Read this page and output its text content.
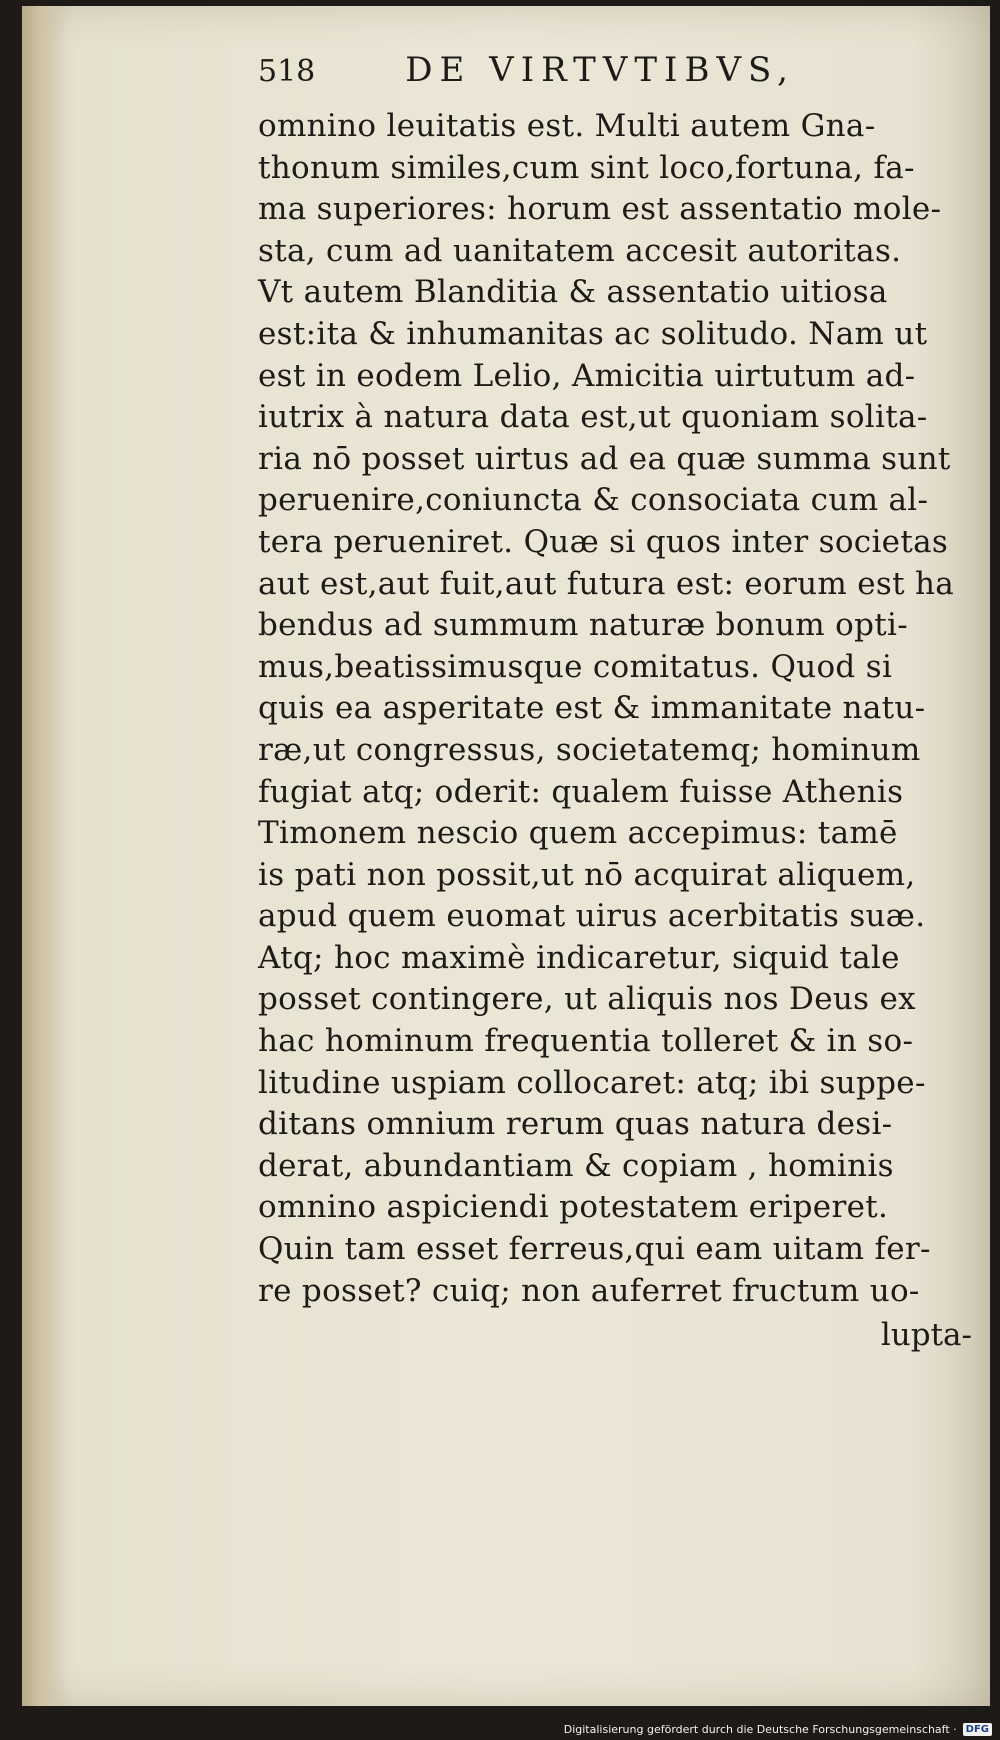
518	DE VIRTVTIBVS,
omnino leuitatis est. Multi autem Gna-
thonum similes,cum sint loco,fortuna, fa-
ma superiores: horum est assentatio mole-
sta, cum ad uanitatem accesit autoritas.
Vt autem Blanditia & assentatio uitiosa
est:ita & inhumanitas ac solitudo. Nam ut
est in eodem Lelio, Amicitia uirtutum ad-
iutrix à natura data est,ut quoniam solita-
ria nō posset uirtus ad ea quæ summa sunt
peruenire,coniuncta & consociata cum al-
tera perueniret. Quæ si quos inter societas
aut est,aut fuit,aut futura est: eorum est ha
bendus ad summum naturæ bonum opti-
mus,beatissimusque comitatus. Quod si
quis ea asperitate est & immanitate natu-
ræ,ut congressus, societatemq; hominum
fugiat atq; oderit: qualem fuisse Athenis
Timonem nescio quem accepimus: tamē
is pati non possit,ut nō acquirat aliquem,
apud quem euomat uirus acerbitatis suæ.
Atq; hoc maximè indicaretur, siquid tale
posset contingere, ut aliquis nos Deus ex
hac hominum frequentia tolleret & in so-
litudine uspiam collocaret: atq; ibi suppe-
ditans omnium rerum quas natura desi-
derat, abundantiam & copiam , hominis
omnino aspiciendi potestatem eriperet.
Quin tam esset ferreus,qui eam uitam fer-
re posset? cuiq; non auferret fructum uo-
lupta-
Digitalisierung gefördert durch die Deutsche Forschungsgemeinschaft · DFG
